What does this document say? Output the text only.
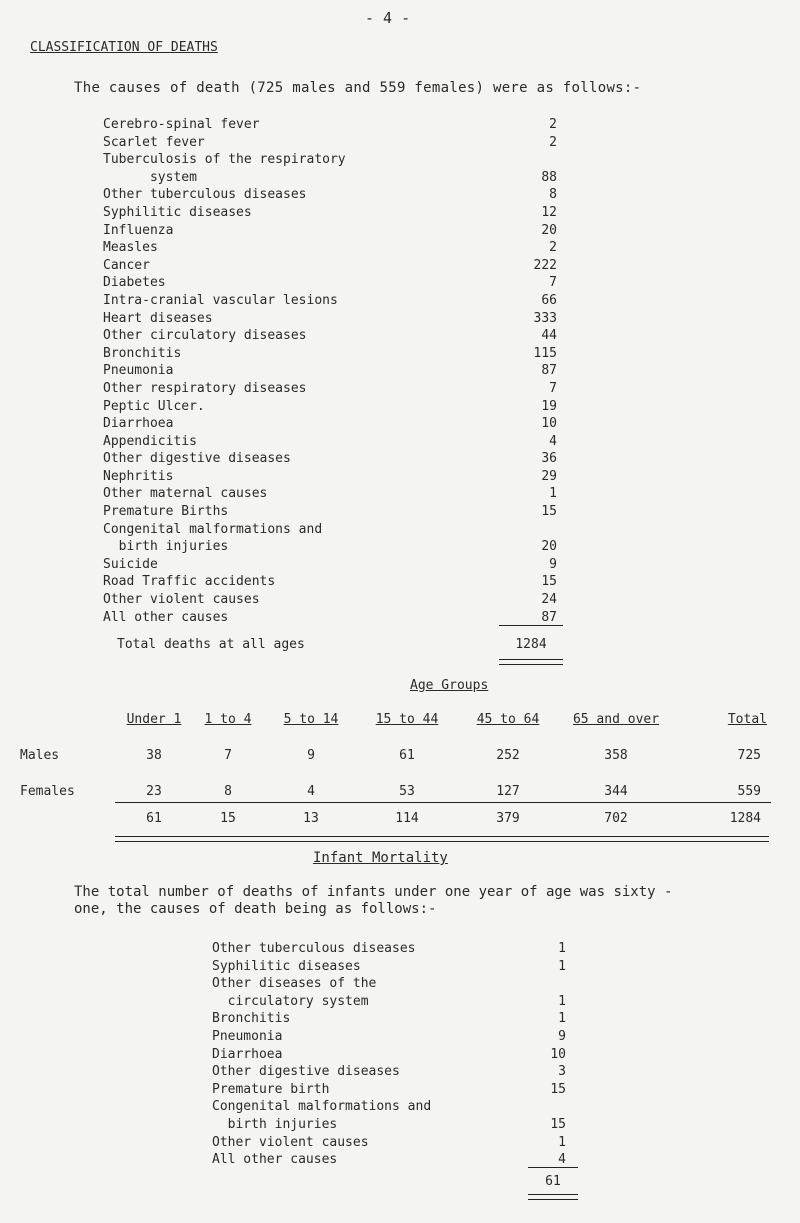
- 4 -
CLASSIFICATION OF DEATHS
The causes of death (725 males and 559 females) were as follows:-
Cerebro-spinal fever	2
Scarlet fever	2
Tuberculosis of the respiratory
system	88
Other tuberculous diseases	8
Syphilitic diseases	12
Influenza	20
Measles	2
Cancer	222
Diabetes	7
Intra-cranial vascular lesions	66
Heart diseases	333
Other circulatory diseases	44
Bronchitis	115
Pneumonia	87
Other respiratory diseases	7
Peptic Ulcer.	19
Diarrhoea	10
Appendicitis	4
Other digestive diseases	36
Nephritis	29
Other maternal causes	1
Premature Births	15
Congenital malformations and
birth injuries	20
Suicide	9
Road Traffic accidents	15
Other violent causes	24
All other causes	87
Total deaths at all ages	1284
Age Groups
	Under 1	1 to 4	5 to 14	15 to 44	45 to 64	65 and over	Total

Males	38	7	9	61	252	358	725

Females	23	8	4	53	127	344	559
	61	15	13	114	379	702	1284
Infant Mortality
The total number of deaths of infants under one year of age was sixty -
one, the causes of death being as follows:-
Other tuberculous diseases	1
Syphilitic diseases	1
Other diseases of the
circulatory system	1
Bronchitis	1
Pneumonia	9
Diarrhoea	10
Other digestive diseases	3
Premature birth	15
Congenital malformations and
birth injuries	15
Other violent causes	1
All other causes	4
61
